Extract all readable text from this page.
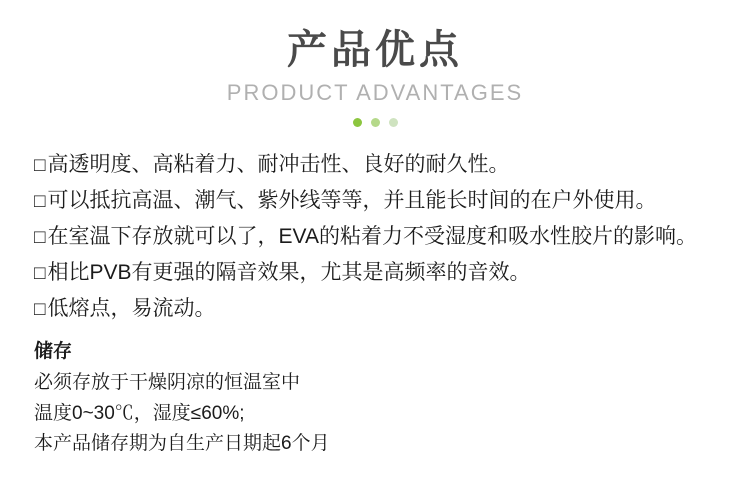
产品优点
PRODUCT ADVANTAGES
□高透明度、高粘着力、耐冲击性、良好的耐久性。
□可以抵抗高温、潮气、紫外线等等，并且能长时间的在户外使用。
□在室温下存放就可以了，EVA的粘着力不受湿度和吸水性胶片的影响。
□相比PVB有更强的隔音效果，尤其是高频率的音效。
□低熔点，易流动。
储存
必须存放于干燥阴凉的恒温室中
温度0~30℃，湿度≤60%;
本产品储存期为自生产日期起6个月
